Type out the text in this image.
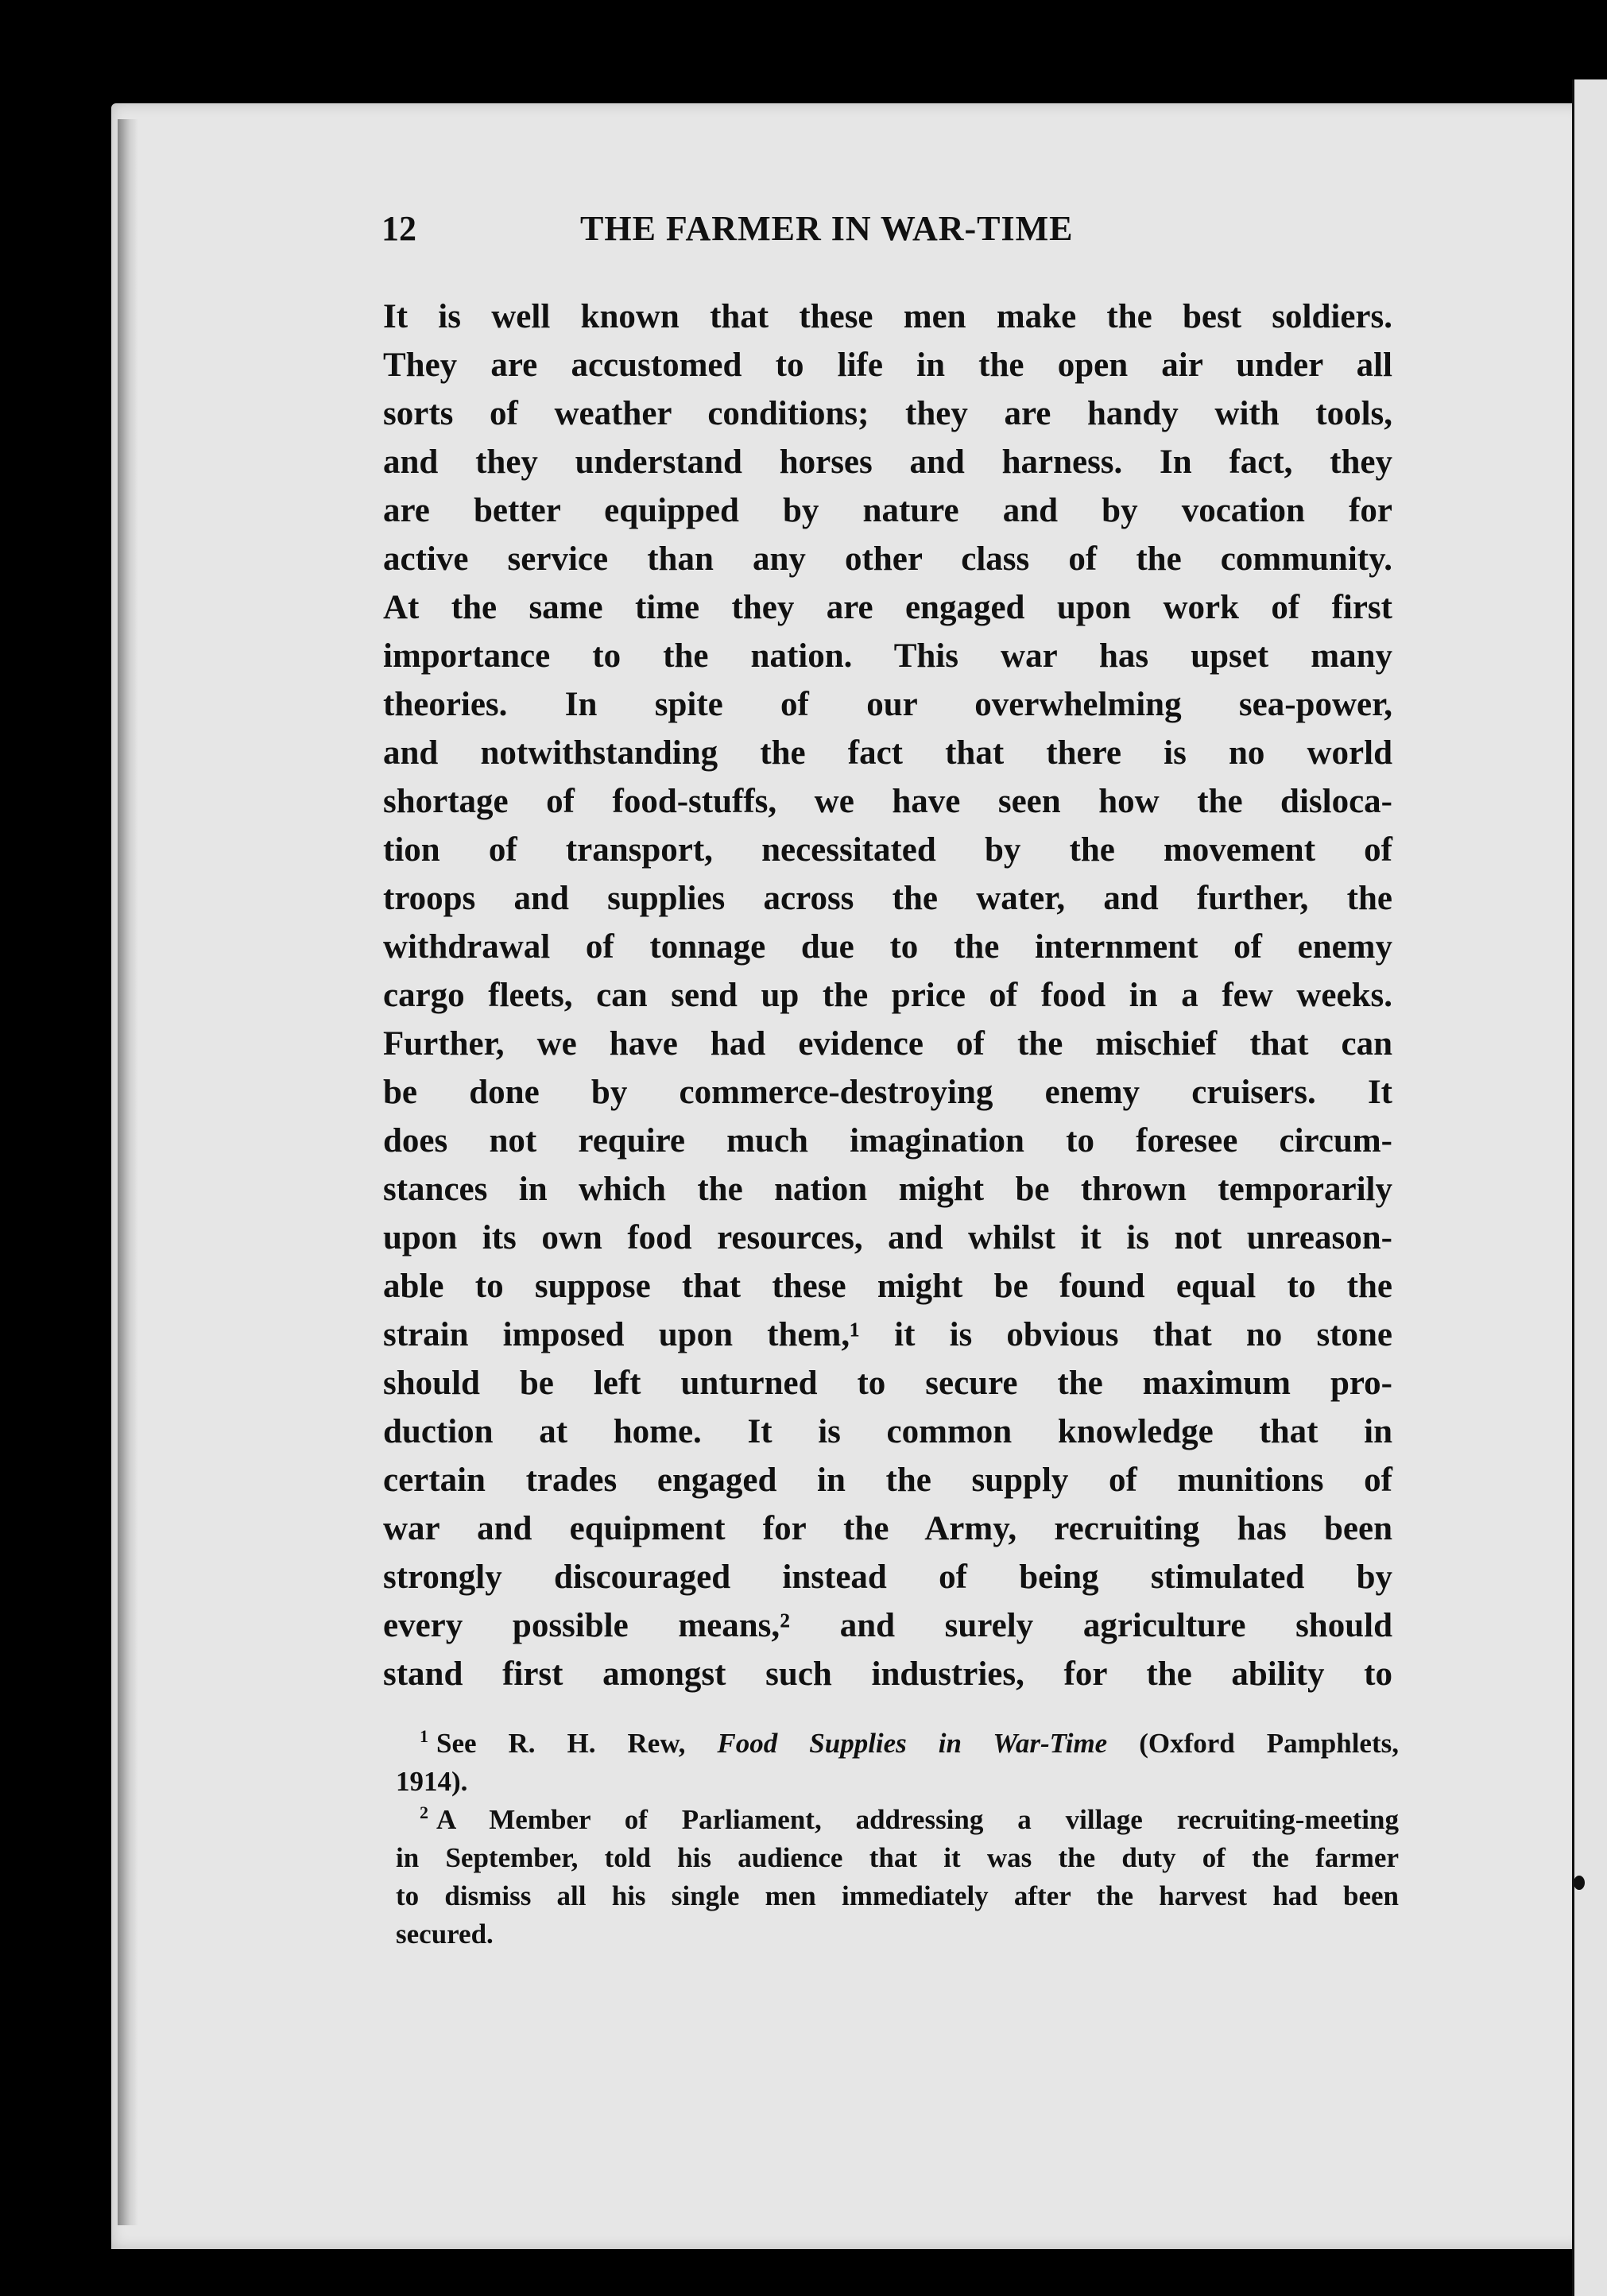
12	THE FARMER IN WAR-TIME
It is well known that these men make the best soldiers.
They are accustomed to life in the open air under all
sorts of weather conditions; they are handy with tools,
and they understand horses and harness. In fact, they
are better equipped by nature and by vocation for
active service than any other class of the community.
At the same time they are engaged upon work of first
importance to the nation. This war has upset many
theories. In spite of our overwhelming sea-power,
and notwithstanding the fact that there is no world
shortage of food-stuffs, we have seen how the disloca-
tion of transport, necessitated by the movement of
troops and supplies across the water, and further, the
withdrawal of tonnage due to the internment of enemy
cargo fleets, can send up the price of food in a few weeks.
Further, we have had evidence of the mischief that can
be done by commerce-destroying enemy cruisers. It
does not require much imagination to foresee circum-
stances in which the nation might be thrown temporarily
upon its own food resources, and whilst it is not unreason-
able to suppose that these might be found equal to the
strain imposed upon them,¹ it is obvious that no stone
should be left unturned to secure the maximum pro-
duction at home. It is common knowledge that in
certain trades engaged in the supply of munitions of
war and equipment for the Army, recruiting has been
strongly discouraged instead of being stimulated by
every possible means,² and surely agriculture should
stand first amongst such industries, for the ability to
$^1$ See R. H. Rew, Food Supplies in War-Time (Oxford Pamphlets,
1914).
$^2$ A Member of Parliament, addressing a village recruiting-meeting
in September, told his audience that it was the duty of the farmer
to dismiss all his single men immediately after the harvest had been
secured.
